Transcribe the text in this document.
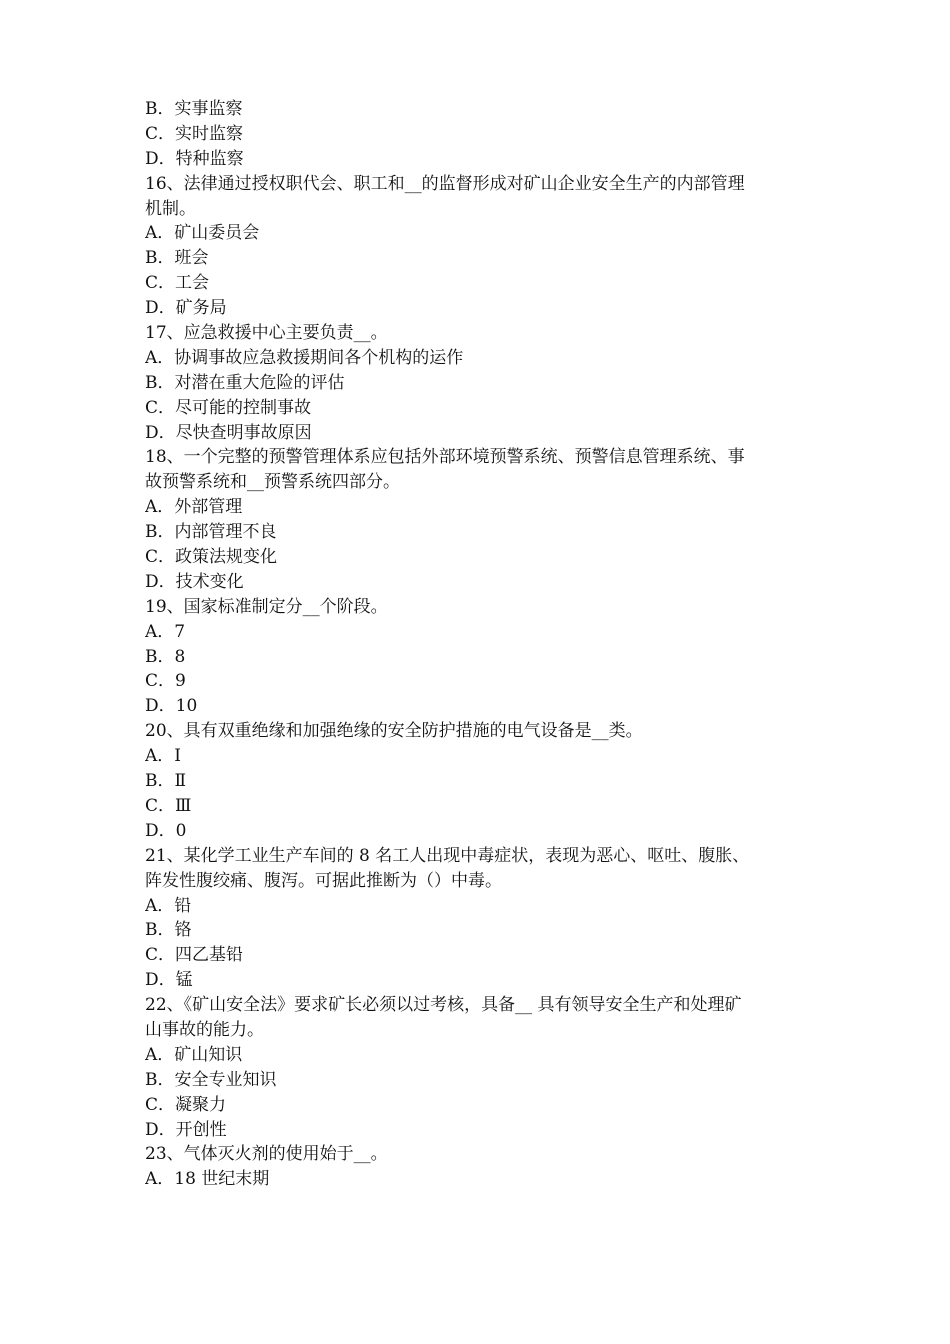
B．实事监察
C．实时监察
D．特种监察
16、法律通过授权职代会、职工和__的监督形成对矿山企业安全生产的内部管理
机制。
A．矿山委员会
B．班会
C．工会
D．矿务局
17、应急救援中心主要负责__。
A．协调事故应急救援期间各个机构的运作
B．对潜在重大危险的评估
C．尽可能的控制事故
D．尽快查明事故原因
18、一个完整的预警管理体系应包括外部环境预警系统、预警信息管理系统、事
故预警系统和__预警系统四部分。
A．外部管理
B．内部管理不良
C．政策法规变化
D．技术变化
19、国家标准制定分__个阶段。
A．7
B．8
C．9
D．10
20、具有双重绝缘和加强绝缘的安全防护措施的电气设备是__类。
A．Ⅰ
B．Ⅱ
C．Ⅲ
D．0
21、某化学工业生产车间的 8 名工人出现中毒症状，表现为恶心、呕吐、腹胀、
阵发性腹绞痛、腹泻。可据此推断为（）中毒。
A．铅
B．铬
C．四乙基铅
D．锰
22、《矿山安全法》要求矿长必须以过考核，具备__ 具有领导安全生产和处理矿
山事故的能力。
A．矿山知识
B．安全专业知识
C．凝聚力
D．开创性
23、气体灭火剂的使用始于__。
A．18 世纪末期
